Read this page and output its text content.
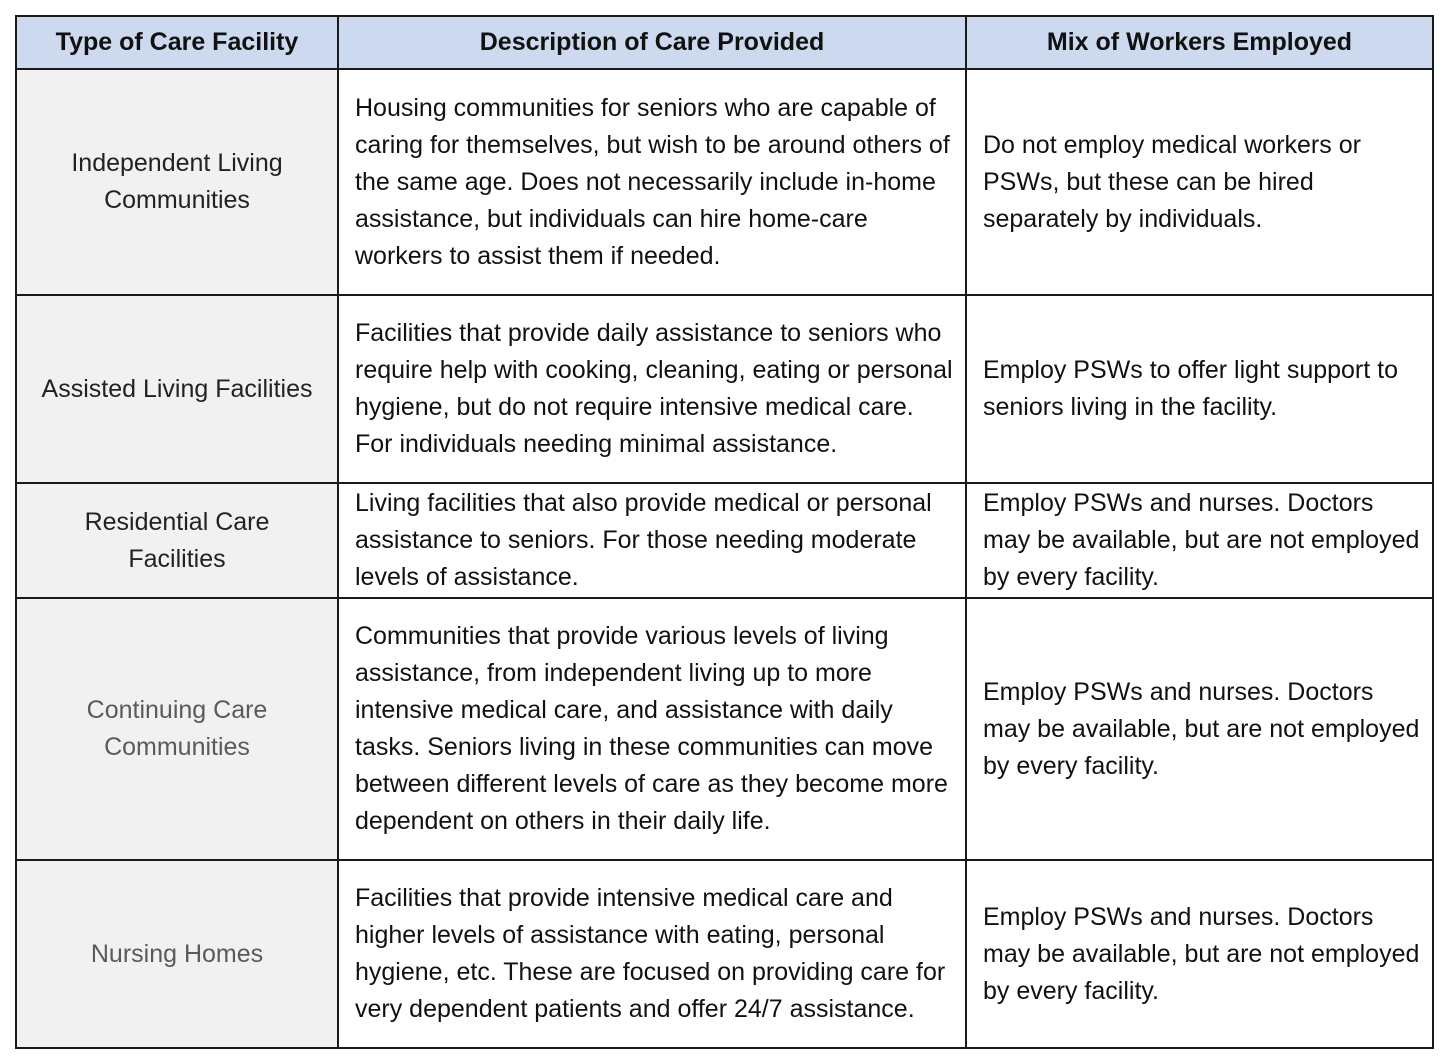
Type of Care Facility	Description of Care Provided	Mix of Workers Employed
Independent Living Communities	Housing communities for seniors who are capable of caring for themselves, but wish to be around others of the same age. Does not necessarily include in-home assistance, but individuals can hire home-care workers to assist them if needed.	Do not employ medical workers or PSWs, but these can be hired separately by individuals.
Assisted Living Facilities	Facilities that provide daily assistance to seniors who require help with cooking, cleaning, eating or personal hygiene, but do not require intensive medical care. For individuals needing minimal assistance.	Employ PSWs to offer light support to seniors living in the facility.
Residential Care Facilities	Living facilities that also provide medical or personal assistance to seniors. For those needing moderate levels of assistance.	Employ PSWs and nurses. Doctors may be available, but are not employed by every facility.
Continuing Care Communities	Communities that provide various levels of living assistance, from independent living up to more intensive medical care, and assistance with daily tasks. Seniors living in these communities can move between different levels of care as they become more dependent on others in their daily life.	Employ PSWs and nurses. Doctors may be available, but are not employed by every facility.
Nursing Homes	Facilities that provide intensive medical care and higher levels of assistance with eating, personal hygiene, etc. These are focused on providing care for very dependent patients and offer 24/7 assistance.	Employ PSWs and nurses. Doctors may be available, but are not employed by every facility.
